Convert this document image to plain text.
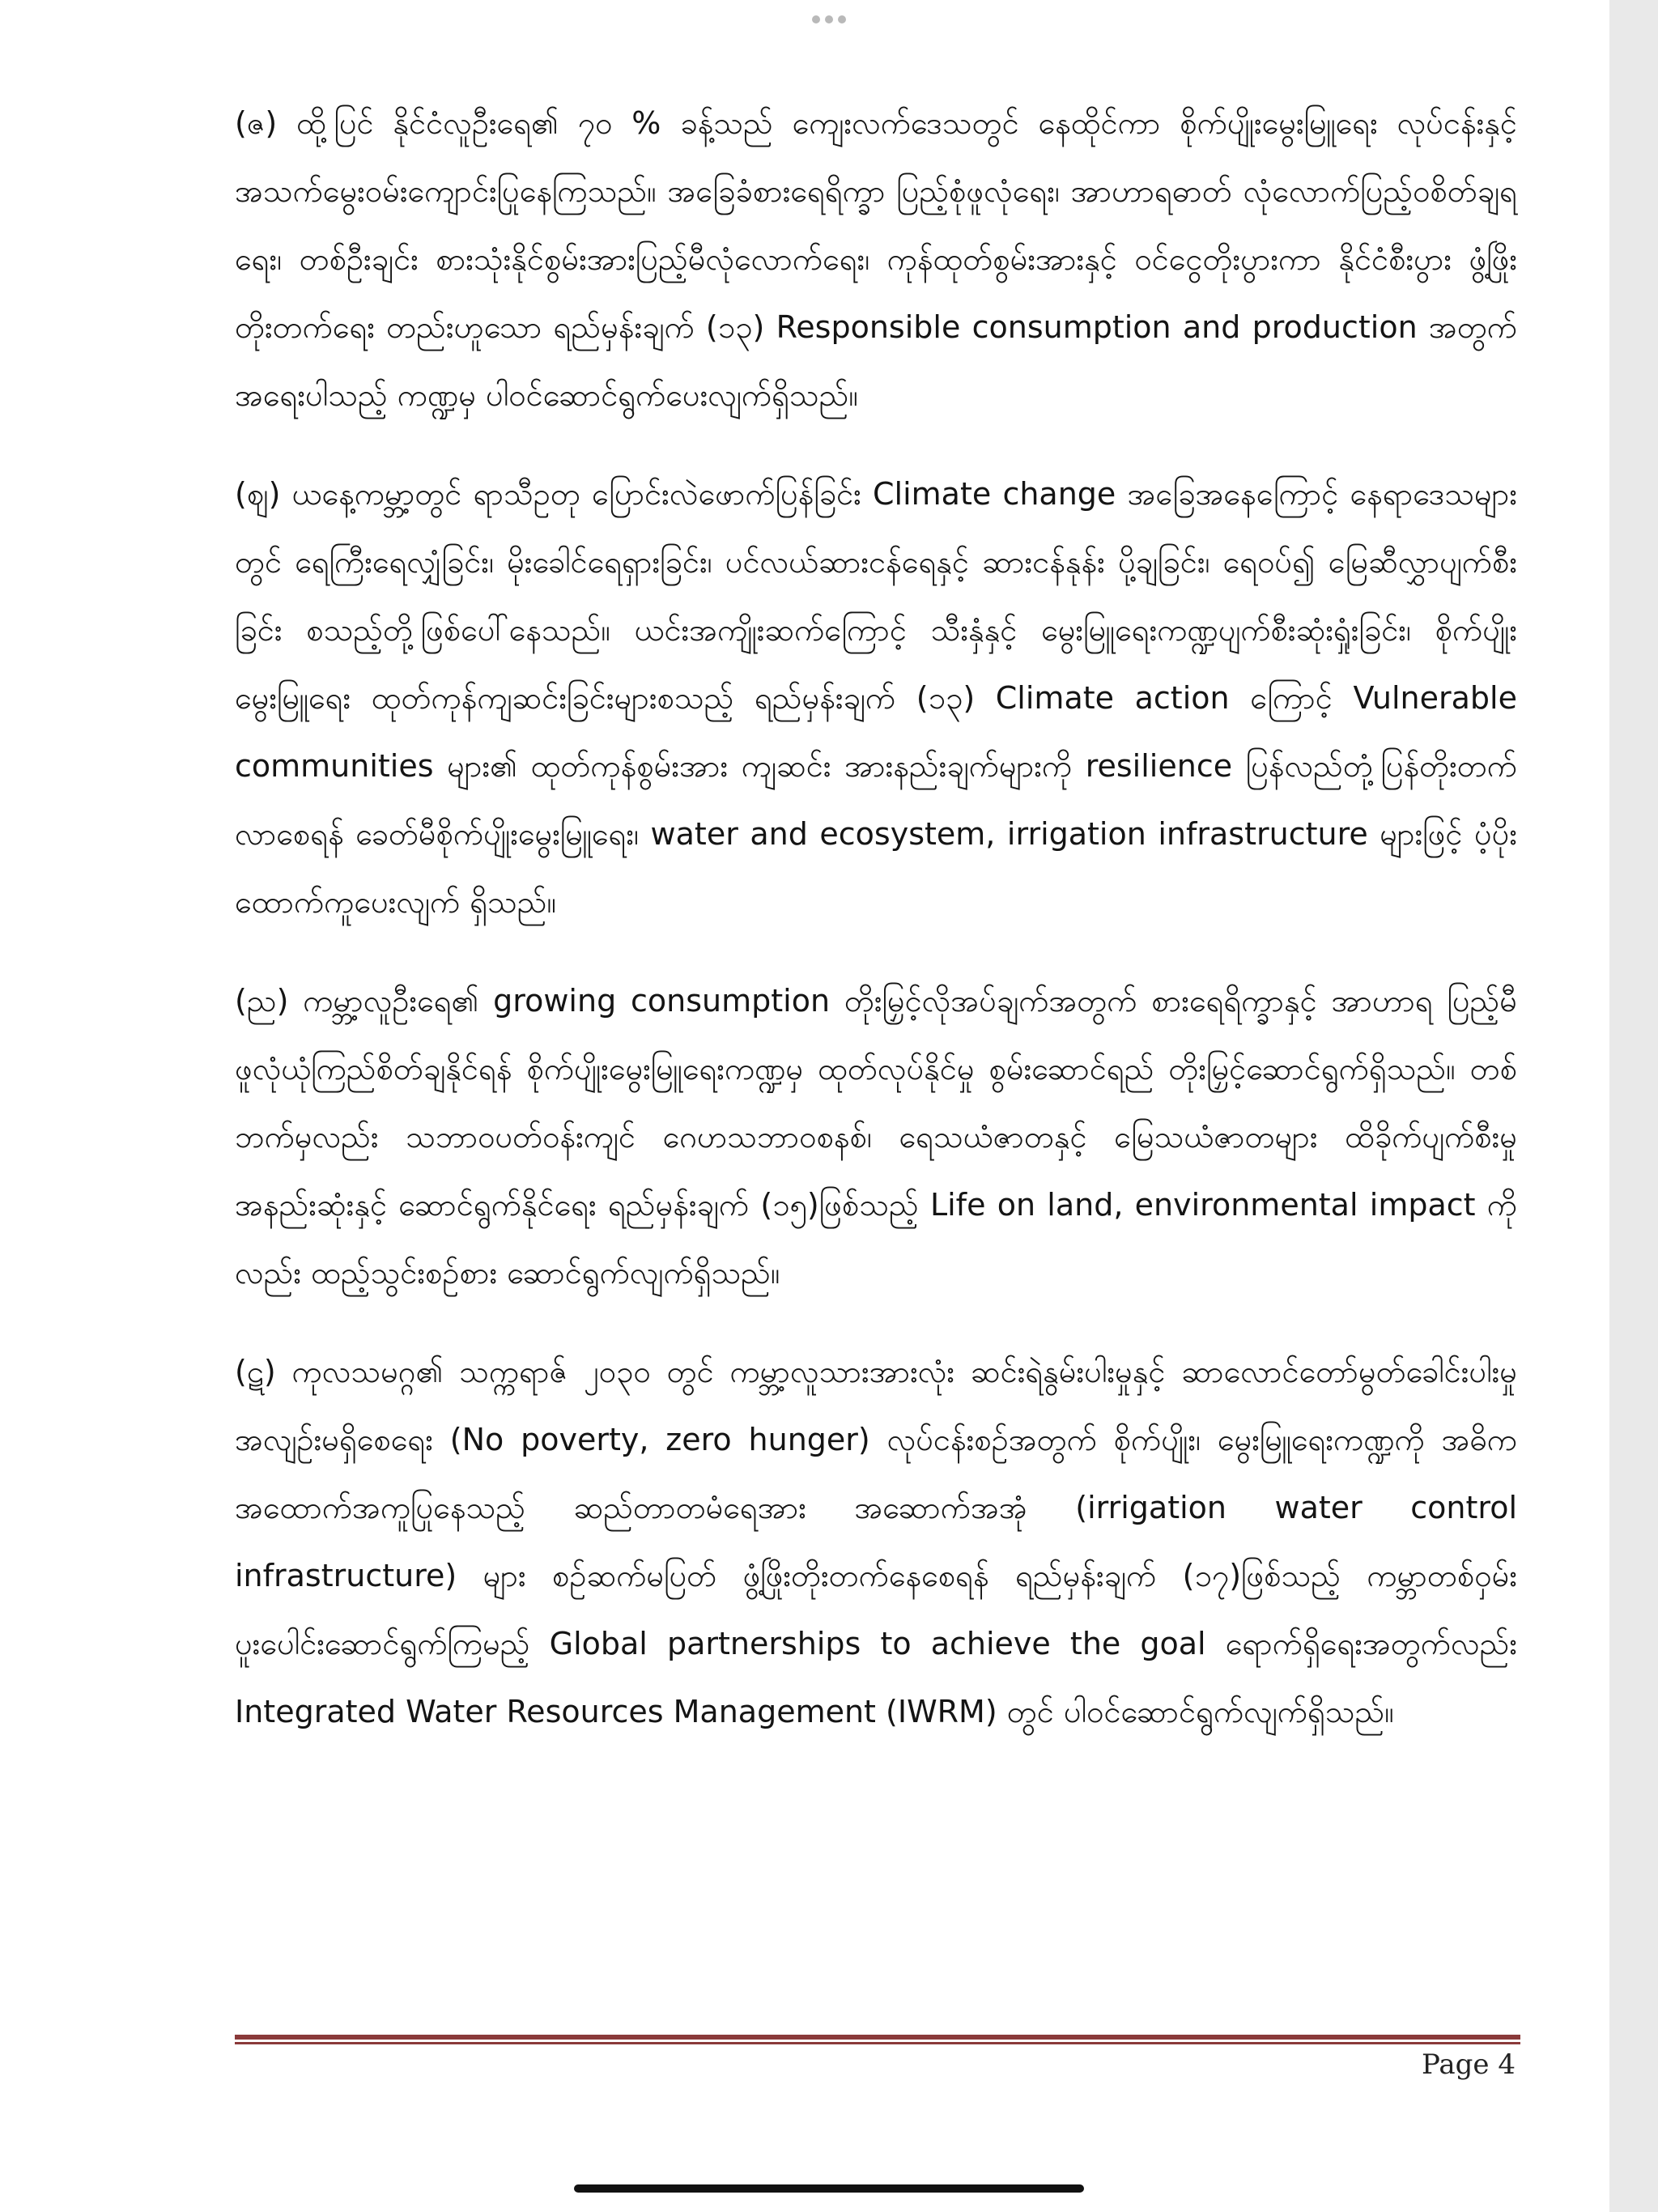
(ဇ) ထို့ပြင် နိုင်ငံလူဦးရေ၏ ၇၀ % ခန့်သည် ကျေးလက်ဒေသတွင် နေထိုင်ကာ စိုက်ပျိုးမွေးမြူရေး လုပ်ငန်းနှင့် အသက်မွေးဝမ်းကျောင်းပြုနေကြသည်။ အခြေခံစားရေရိက္ခာ ပြည့်စုံဖူလုံရေး၊ အာဟာရဓာတ် လုံလောက်ပြည့်ဝစိတ်ချရရေး၊ တစ်ဦးချင်း စားသုံးနိုင်စွမ်းအားပြည့်မီလုံလောက်ရေး၊ ကုန်ထုတ်စွမ်းအားနှင့် ဝင်ငွေတိုးပွားကာ နိုင်ငံစီးပွား ဖွံ့ဖြိုးတိုးတက်ရေး တည်းဟူသော ရည်မှန်းချက် (၁၃) Responsible consumption and production အတွက် အရေးပါသည့် ကဏ္ဍမှ ပါဝင်ဆောင်ရွက်ပေးလျက်ရှိသည်။

(ဈ) ယနေ့ကမ္ဘာ့တွင် ရာသီဥတု ပြောင်းလဲဖောက်ပြန်ခြင်း Climate change အခြေအနေကြောင့် နေရာဒေသများတွင် ရေကြီးရေလျှံခြင်း၊ မိုးခေါင်ရေရှားခြင်း၊ ပင်လယ်ဆားငန်ရေနှင့် ဆားငန်နုန်း ပို့ချခြင်း၊ ရေဝပ်၍ မြေဆီလွှာပျက်စီးခြင်း စသည့်တို့ဖြစ်ပေါ်နေသည်။ ယင်းအကျိုးဆက်ကြောင့် သီးနှံနှင့် မွေးမြူရေးကဏ္ဍပျက်စီးဆုံးရှုံးခြင်း၊ စိုက်ပျိုးမွေးမြူရေး ထုတ်ကုန်ကျဆင်းခြင်းများစသည့် ရည်မှန်းချက် (၁၃) Climate action ကြောင့် Vulnerable communities များ၏ ထုတ်ကုန်စွမ်းအား ကျဆင်း အားနည်းချက်များကို resilience ပြန်လည်တုံ့ပြန်တိုးတက်လာစေရန် ခေတ်မီစိုက်ပျိုးမွေးမြူရေး၊ water and ecosystem, irrigation infrastructure များဖြင့် ပံ့ပိုးထောက်ကူပေးလျက် ရှိသည်။

(ည) ကမ္ဘာ့လူဦးရေ၏ growing consumption တိုးမြှင့်လိုအပ်ချက်အတွက် စားရေရိက္ခာနှင့် အာဟာရ ပြည့်မီဖူလုံယုံကြည်စိတ်ချနိုင်ရန် စိုက်ပျိုးမွေးမြူရေးကဏ္ဍမှ ထုတ်လုပ်နိုင်မှု စွမ်းဆောင်ရည် တိုးမြှင့်ဆောင်ရွက်ရှိသည်။ တစ်ဘက်မှလည်း သဘာဝပတ်ဝန်းကျင် ဂေဟသဘာဝစနစ်၊ ရေသယံဇာတနှင့် မြေသယံဇာတများ ထိခိုက်ပျက်စီးမှု အနည်းဆုံးနှင့် ဆောင်ရွက်နိုင်ရေး ရည်မှန်းချက် (၁၅)ဖြစ်သည့် Life on land, environmental impact ကိုလည်း ထည့်သွင်းစဉ်စား ဆောင်ရွက်လျက်ရှိသည်။

(ဋ) ကုလသမဂ္ဂ၏ သက္ကရာဇ် ၂၀၃၀ တွင် ကမ္ဘာ့လူသားအားလုံး ဆင်းရဲနွမ်းပါးမှုနှင့် ဆာလောင်တော်မွတ်ခေါင်းပါးမှု အလျဉ်းမရှိစေရေး (No poverty, zero hunger) လုပ်ငန်းစဉ်အတွက် စိုက်ပျိုး၊ မွေးမြူရေးကဏ္ဍကို အဓိက အထောက်အကူပြုနေသည့် ဆည်တာတမံရေအား အဆောက်အအုံ (irrigation water control infrastructure) များ စဉ်ဆက်မပြတ် ဖွံ့ဖြိုးတိုးတက်နေစေရန် ရည်မှန်းချက် (၁၇)ဖြစ်သည့် ကမ္ဘာတစ်ဝှမ်း ပူးပေါင်းဆောင်ရွက်ကြမည့် Global partnerships to achieve the goal ရောက်ရှိရေးအတွက်လည်း Integrated Water Resources Management (IWRM) တွင် ပါဝင်ဆောင်ရွက်လျက်ရှိသည်။

Page 4
